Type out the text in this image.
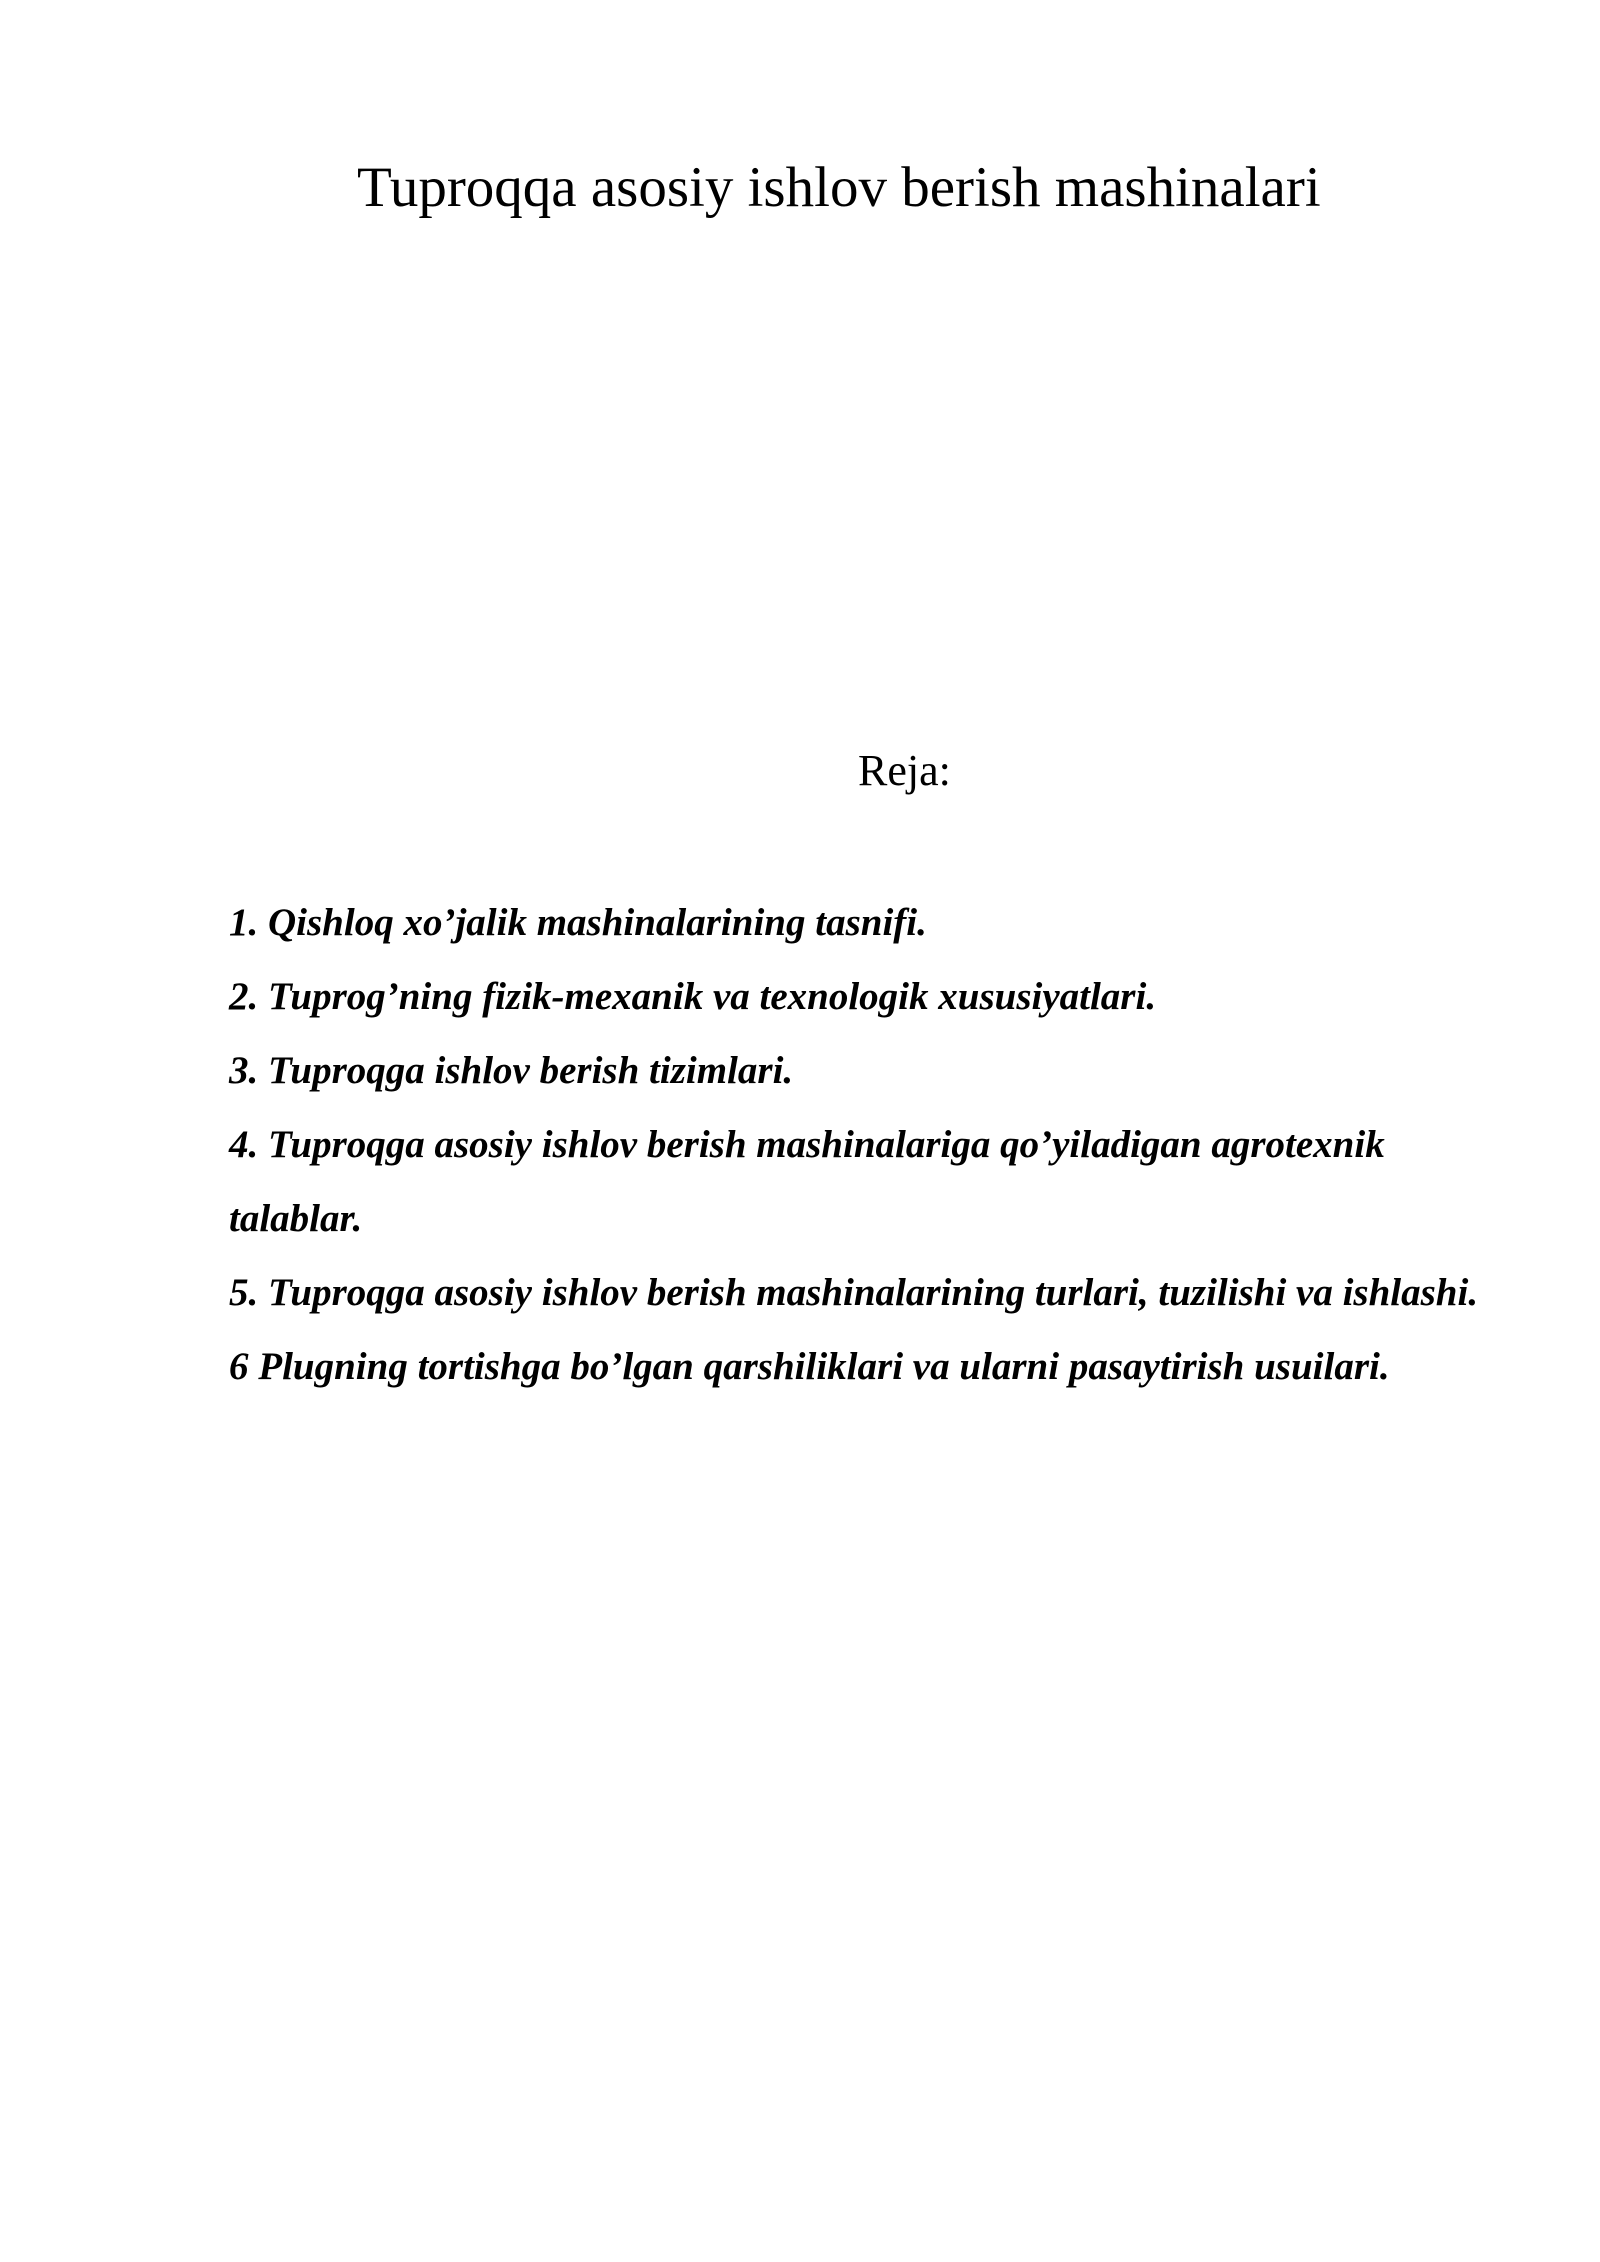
Tuproqqa asosiy ishlov berish mashinalari
Reja:
1. Qishloq xo’jalik mashinalarining tasnifi.
2. Tuprog’ning fizik-mexanik va texnologik xususiyatlari.
3. Tuproqga ishlov berish tizimlari.
4. Tuproqga asosiy ishlov berish mashinalariga qo’yiladigan agrotexnik talablar.
5. Tuproqga asosiy ishlov berish mashinalarining turlari, tuzilishi va ishlashi.
6 Plugning tortishga bo’lgan qarshiliklari va ularni pasaytirish usuilari.
